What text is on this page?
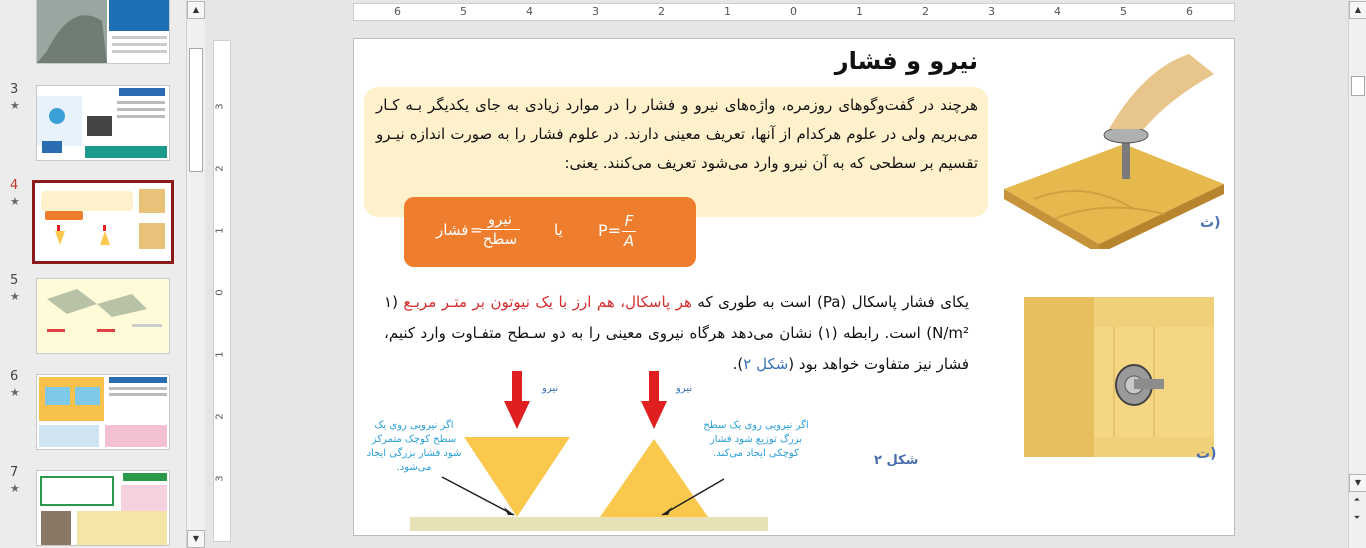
3
★
4
★
5
★
6
★
7
★
▲
▼
3
2
1
0
1
2
3
6	5	4	3	2	1	0	1	2	3	4	5	6
نیرو و فشار
هرچند در گفت‌وگوهای روزمره، واژه‌های نیرو و فشار را در موارد زیادی به جای یکدیگر بـه کـار می‌بریم ولی در علوم هرکدام از آنها، تعریف معینی دارند. در علوم فشار را به صورت اندازه نیـرو تقسیم بر سطحی که به آن نیرو وارد می‌شود تعریف می‌کنند. یعنی:
فشار =
نیرو
سطح یا P= F
A
یکای فشار پاسکال (Pa) است به طوری که هر پاسکال، هم ارز با یک نیوتون بر متـر مربـع (۱ N/m²) است. رابطه (۱) نشان می‌دهد هرگاه نیروی معینی را به دو سـطح متفـاوت وارد کنیم، فشار نیز متفاوت خواهد بود (شکل ۲).
ث)
ت)
شکل ۲
نیرو	نیرو
اگر نیرویی روی یک سطح بزرگ توزیع شود فشار کوچکی ایجاد می‌کند.
اگر نیرویی روی یک سطح کوچک متمرکز شود فشار بزرگی ایجاد می‌شود.
▲
▼
⏶
⏷
